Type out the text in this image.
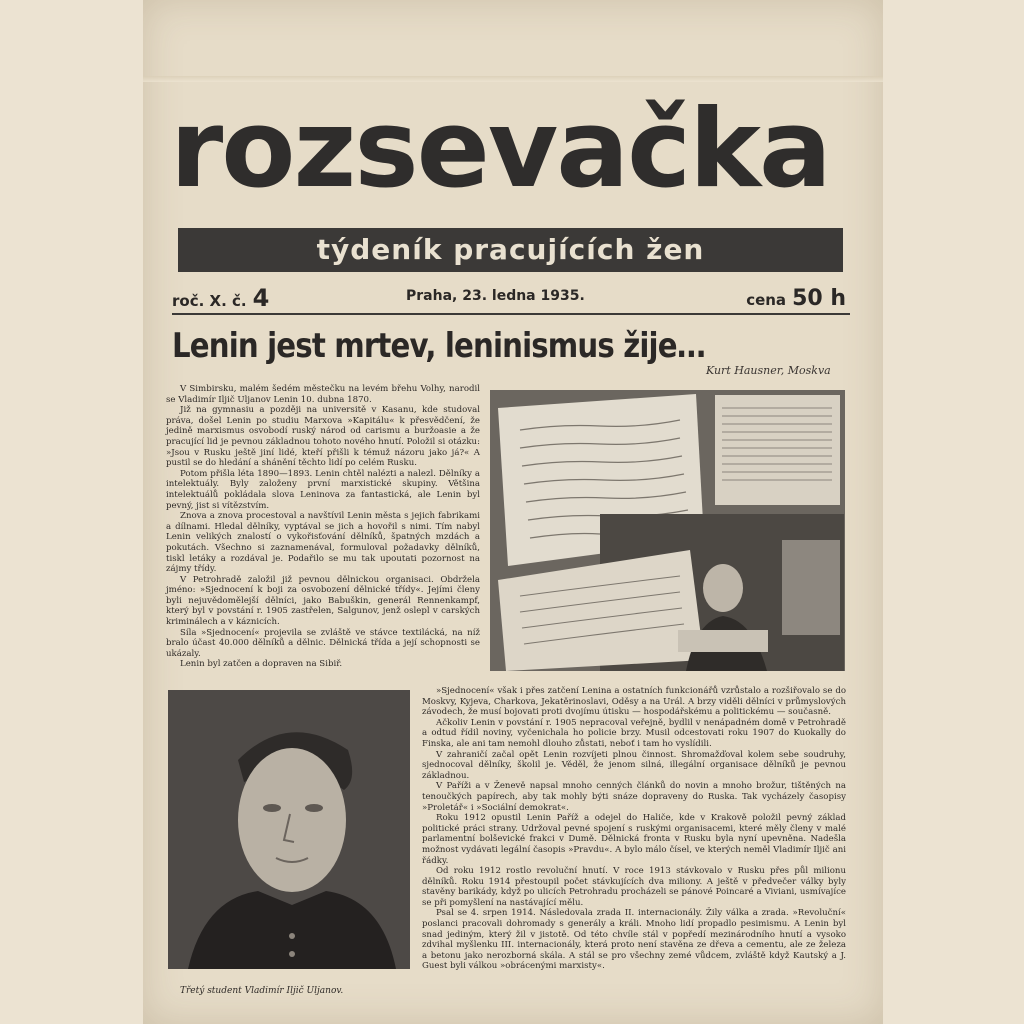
rozsevačka
týdeník pracujících žen
roč. X. č. 4	Praha, 23. ledna 1935.	cena 50 h
Lenin jest mrtev, leninismus žije…
Kurt Hausner, Moskva

V Simbirsku, malém šedém městečku na levém břehu Volhy, narodil se Vladimír Iljič Uljanov Lenin 10. dubna 1870.

Již na gymnasiu a později na universitě v Kasanu, kde studoval práva, došel Lenin po studiu Marxova »Kapitálu« k přesvědčení, že jedině marxismus osvobodí ruský národ od carismu a buržoasie a že pracující lid je pevnou základnou tohoto nového hnutí. Položil si otázku: »Jsou v Rusku ještě jiní lidé, kteří přišli k témuž názoru jako já?« A pustil se do hledání a shánění těchto lidí po celém Rusku.

Potom přišla léta 1890—1893. Lenin chtěl nalézti a nalezl. Dělníky a intelektuály. Byly založeny první marxistické skupiny. Většina intelektuálů pokládala slova Leninova za fantastická, ale Lenin byl pevný, jist si vítězstvím.

Znova a znova procestoval a navštívil Lenin města s jejich fabrikami a dílnami. Hledal dělníky, vyptával se jich a hovořil s nimi. Tím nabyl Lenin velikých znalostí o vykořisťování dělníků, špatných mzdách a pokutách. Všechno si zaznamenával, formuloval požadavky dělníků, tiskl letáky a rozdával je. Podařilo se mu tak upoutati pozornost na zájmy třídy.

V Petrohradě založil již pevnou dělnickou organisaci. Obdržela jméno: »Sjednocení k boji za osvobození dělnické třídy«. Jejími členy byli nejuvědomělejší dělníci, jako Babuškin, generál Rennenkampf, který byl v povstání r. 1905 zastřelen, Salgunov, jenž oslepl v carských kriminálech a v káznicích.

Síla »Sjednocení« projevila se zvláště ve stávce textilácká, na níž bralo účast 40.000 dělníků a dělnic. Dělnická třída a její schopnosti se ukázaly.

Lenin byl zatčen a dopraven na Sibiř.

Třetý student Vladimír Iljič Uljanov.

»Sjednocení« však i přes zatčení Lenina a ostatních funkcionářů vzrůstalo a rozšiřovalo se do Moskvy, Kyjeva, Charkova, Jekatěrinoslavi, Oděsy a na Urál. A brzy viděli dělníci v průmyslových závodech, že musí bojovati proti dvojímu útisku — hospodářskému a politickému — současně.

Ačkoliv Lenin v povstání r. 1905 nepracoval veřejně, bydlil v nenápadném domě v Petrohradě a odtud řídil noviny, vyčenichala ho policie brzy. Musil odcestovati roku 1907 do Kuokally do Finska, ale ani tam nemohl dlouho zůstati, neboť i tam ho vyslídili.

V zahraničí začal opět Lenin rozvíjeti plnou činnost. Shromažďoval kolem sebe soudruhy, sjednocoval dělníky, školil je. Věděl, že jenom silná, illegální organisace dělníků je pevnou základnou.

V Paříži a v Ženevě napsal mnoho cenných článků do novin a mnoho brožur, tištěných na tenoučkých papírech, aby tak mohly býti snáze dopraveny do Ruska. Tak vycházely časopisy »Proletář« i »Sociální demokrat«.

Roku 1912 opustil Lenin Paříž a odejel do Haliče, kde v Krakově položil pevný základ politické práci strany. Udržoval pevné spojení s ruskými organisacemi, které měly členy v malé parlamentní bolševické frakci v Dumě. Dělnická fronta v Rusku byla nyní upevněna. Nadešla možnost vydávati legální časopis »Pravdu«. A bylo málo čísel, ve kterých neměl Vladimír Iljič ani řádky.

Od roku 1912 rostlo revoluční hnutí. V roce 1913 stávkovalo v Rusku přes půl milionu dělníků. Roku 1914 přestoupil počet stávkujících dva miliony. A ještě v předvečer války byly stavěny barikády, když po ulicích Petrohradu procházeli se pánové Poincaré a Viviani, usmívajíce se při pomyšlení na nastávající mělu.

Psal se 4. srpen 1914. Následovala zrada II. internacionály. Žily válka a zrada. »Revoluční« poslanci pracovali dohromady s generály a králi. Mnoho lidí propadlo pesimismu. A Lenin byl snad jediným, který žil v jistotě. Od této chvíle stál v popředí mezinárodního hnutí a vysoko zdvihal myšlenku III. internacionály, která proto není stavěna ze dřeva a cementu, ale ze železa a betonu jako nerozborná skála. A stál se pro všechny zemé vůdcem, zvláště když Kautský a J. Guest byli válkou »obrácenými marxisty«.
